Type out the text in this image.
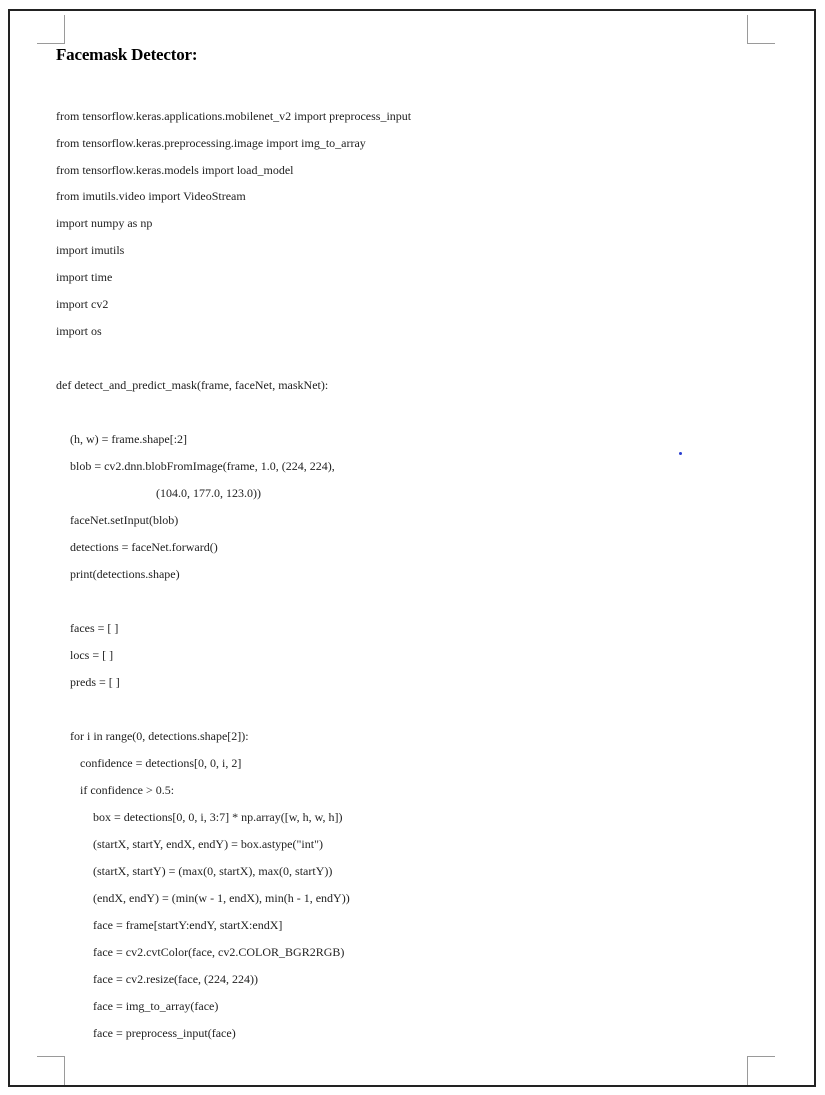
Facemask Detector:
from tensorflow.keras.applications.mobilenet_v2 import preprocess_input
from tensorflow.keras.preprocessing.image import img_to_array
from tensorflow.keras.models import load_model
from imutils.video import VideoStream
import numpy as np
import imutils
import time
import cv2
import os
def detect_and_predict_mask(frame, faceNet, maskNet):
(h, w) = frame.shape[:2]
blob = cv2.dnn.blobFromImage(frame, 1.0, (224, 224),
(104.0, 177.0, 123.0))
faceNet.setInput(blob)
detections = faceNet.forward()
print(detections.shape)
faces = [ ]
locs = [ ]
preds = [ ]
for i in range(0, detections.shape[2]):
confidence = detections[0, 0, i, 2]
if confidence > 0.5:
box = detections[0, 0, i, 3:7] * np.array([w, h, w, h])
(startX, startY, endX, endY) = box.astype("int")
(startX, startY) = (max(0, startX), max(0, startY))
(endX, endY) = (min(w - 1, endX), min(h - 1, endY))
face = frame[startY:endY, startX:endX]
face = cv2.cvtColor(face, cv2.COLOR_BGR2RGB)
face = cv2.resize(face, (224, 224))
face = img_to_array(face)
face = preprocess_input(face)
